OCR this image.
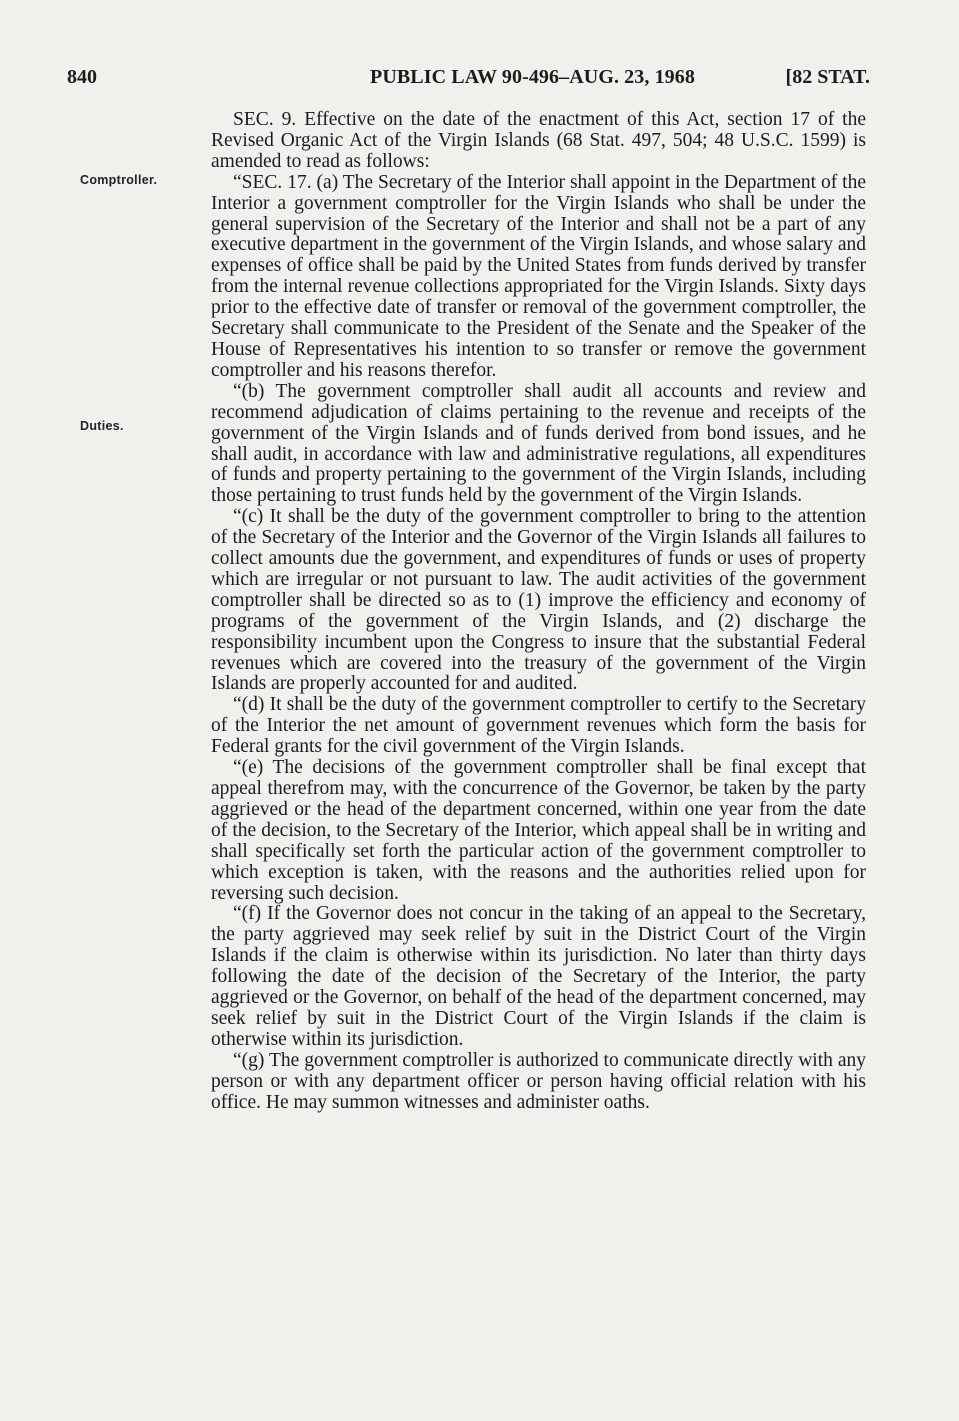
840	PUBLIC LAW 90-496–AUG. 23, 1968	[82 STAT.
Comptroller.
Duties.

SEC. 9. Effective on the date of the enactment of this Act, section 17 of the Revised Organic Act of the Virgin Islands (68 Stat. 497, 504; 48 U.S.C. 1599) is amended to read as follows:

“SEC. 17. (a) The Secretary of the Interior shall appoint in the Department of the Interior a government comptroller for the Virgin Islands who shall be under the general supervision of the Secretary of the Interior and shall not be a part of any executive department in the government of the Virgin Islands, and whose salary and expenses of office shall be paid by the United States from funds derived by transfer from the internal revenue collections appropriated for the Virgin Islands. Sixty days prior to the effective date of transfer or removal of the government comptroller, the Secretary shall communicate to the President of the Senate and the Speaker of the House of Representatives his intention to so transfer or remove the government comptroller and his reasons therefor.

“(b) The government comptroller shall audit all accounts and review and recommend adjudication of claims pertaining to the revenue and receipts of the government of the Virgin Islands and of funds derived from bond issues, and he shall audit, in accordance with law and administrative regulations, all expenditures of funds and property pertaining to the government of the Virgin Islands, including those pertaining to trust funds held by the government of the Virgin Islands.

“(c) It shall be the duty of the government comptroller to bring to the attention of the Secretary of the Interior and the Governor of the Virgin Islands all failures to collect amounts due the government, and expenditures of funds or uses of property which are irregular or not pursuant to law. The audit activities of the government comptroller shall be directed so as to (1) improve the efficiency and economy of programs of the government of the Virgin Islands, and (2) discharge the responsibility incumbent upon the Congress to insure that the substantial Federal revenues which are covered into the treasury of the government of the Virgin Islands are properly accounted for and audited.

“(d) It shall be the duty of the government comptroller to certify to the Secretary of the Interior the net amount of government revenues which form the basis for Federal grants for the civil government of the Virgin Islands.

“(e) The decisions of the government comptroller shall be final except that appeal therefrom may, with the concurrence of the Governor, be taken by the party aggrieved or the head of the department concerned, within one year from the date of the decision, to the Secretary of the Interior, which appeal shall be in writing and shall specifically set forth the particular action of the government comptroller to which exception is taken, with the reasons and the authorities relied upon for reversing such decision.

“(f) If the Governor does not concur in the taking of an appeal to the Secretary, the party aggrieved may seek relief by suit in the District Court of the Virgin Islands if the claim is otherwise within its jurisdiction. No later than thirty days following the date of the decision of the Secretary of the Interior, the party aggrieved or the Governor, on behalf of the head of the department concerned, may seek relief by suit in the District Court of the Virgin Islands if the claim is otherwise within its jurisdiction.

“(g) The government comptroller is authorized to communicate directly with any person or with any department officer or person having official relation with his office. He may summon witnesses and administer oaths.
